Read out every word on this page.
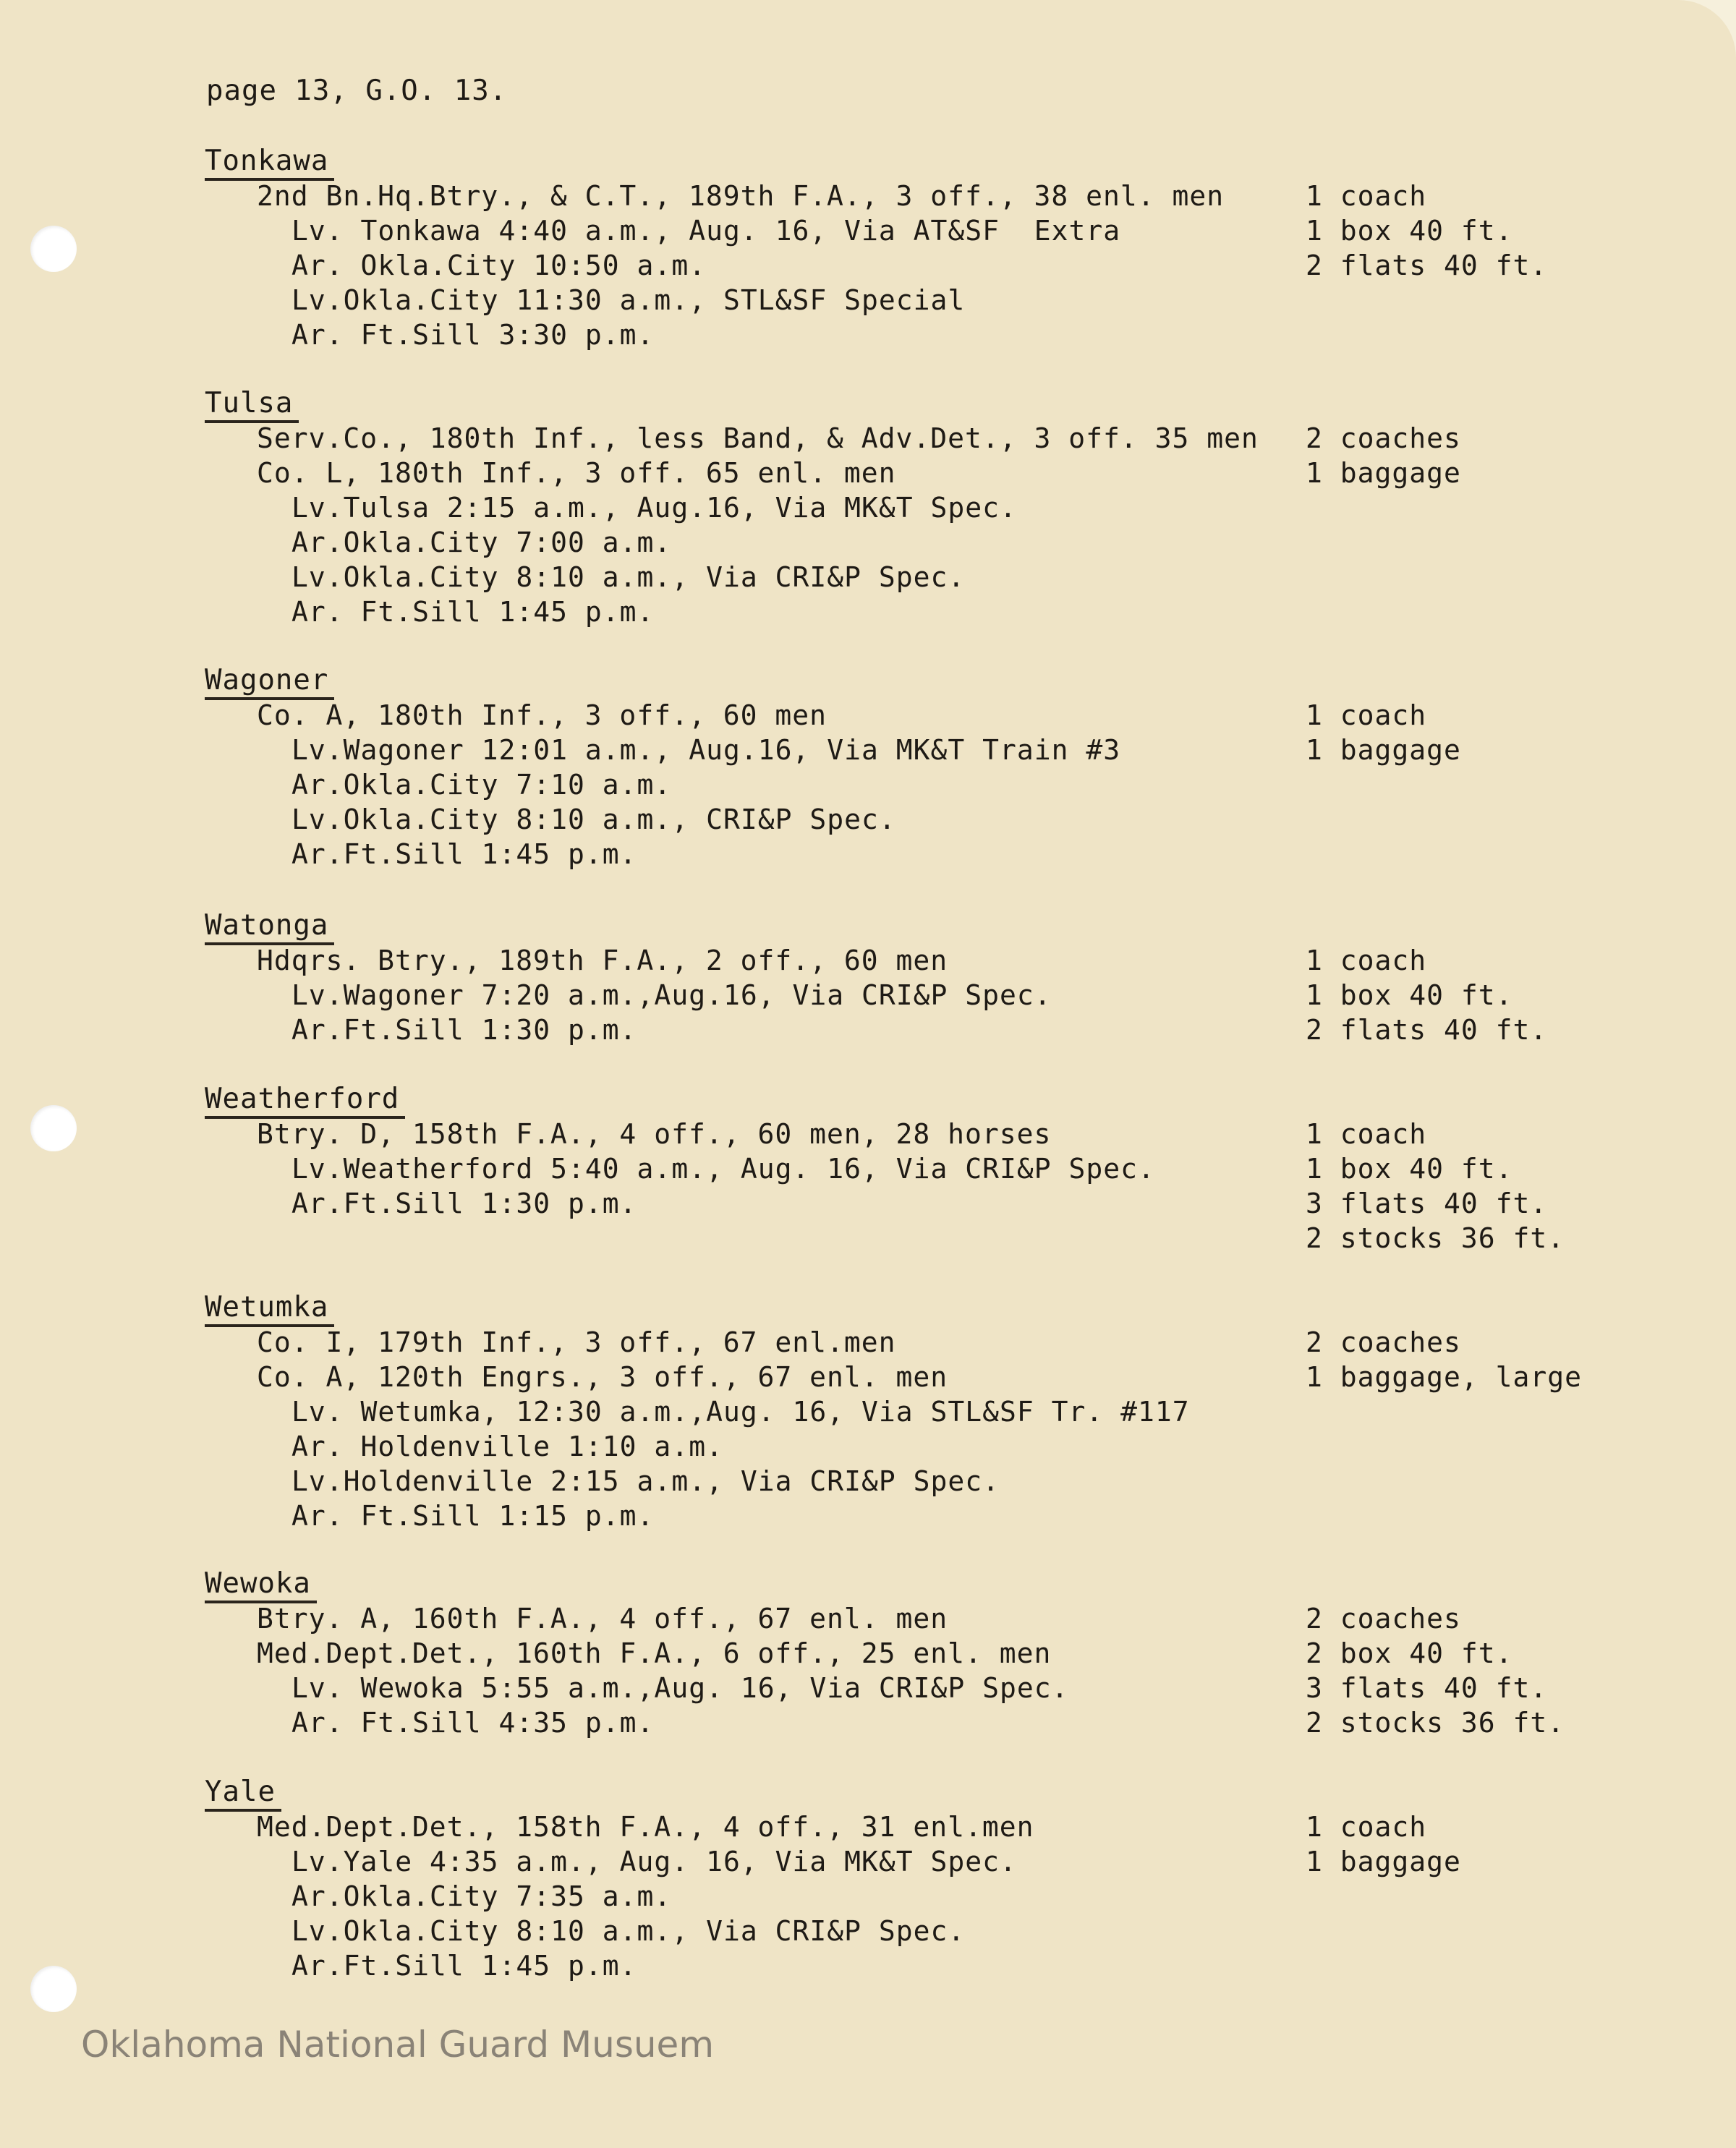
page 13, G.O. 13.
Tonkawa
2nd Bn.Hq.Btry., & C.T., 189th F.A., 3 off., 38 enl. men
Lv. Tonkawa 4:40 a.m., Aug. 16, Via AT&SF  Extra
Ar. Okla.City 10:50 a.m.
Lv.Okla.City 11:30 a.m., STL&SF Special
Ar. Ft.Sill 3:30 p.m.
1 coach
1 box 40 ft.
2 flats 40 ft.
Tulsa
Serv.Co., 180th Inf., less Band, & Adv.Det., 3 off. 35 men
Co. L, 180th Inf., 3 off. 65 enl. men
Lv.Tulsa 2:15 a.m., Aug.16, Via MK&T Spec.
Ar.Okla.City 7:00 a.m.
Lv.Okla.City 8:10 a.m., Via CRI&P Spec.
Ar. Ft.Sill 1:45 p.m.
2 coaches
1 baggage
Wagoner
Co. A, 180th Inf., 3 off., 60 men
Lv.Wagoner 12:01 a.m., Aug.16, Via MK&T Train #3
Ar.Okla.City 7:10 a.m.
Lv.Okla.City 8:10 a.m., CRI&P Spec.
Ar.Ft.Sill 1:45 p.m.
1 coach
1 baggage
Watonga
Hdqrs. Btry., 189th F.A., 2 off., 60 men
Lv.Wagoner 7:20 a.m.,Aug.16, Via CRI&P Spec.
Ar.Ft.Sill 1:30 p.m.
1 coach
1 box 40 ft.
2 flats 40 ft.
Weatherford
Btry. D, 158th F.A., 4 off., 60 men, 28 horses
Lv.Weatherford 5:40 a.m., Aug. 16, Via CRI&P Spec.
Ar.Ft.Sill 1:30 p.m.
1 coach
1 box 40 ft.
3 flats 40 ft.
2 stocks 36 ft.
Wetumka
Co. I, 179th Inf., 3 off., 67 enl.men
Co. A, 120th Engrs., 3 off., 67 enl. men
Lv. Wetumka, 12:30 a.m.,Aug. 16, Via STL&SF Tr. #117
Ar. Holdenville 1:10 a.m.
Lv.Holdenville 2:15 a.m., Via CRI&P Spec.
Ar. Ft.Sill 1:15 p.m.
2 coaches
1 baggage, large
Wewoka
Btry. A, 160th F.A., 4 off., 67 enl. men
Med.Dept.Det., 160th F.A., 6 off., 25 enl. men
Lv. Wewoka 5:55 a.m.,Aug. 16, Via CRI&P Spec.
Ar. Ft.Sill 4:35 p.m.
2 coaches
2 box 40 ft.
3 flats 40 ft.
2 stocks 36 ft.
Yale
Med.Dept.Det., 158th F.A., 4 off., 31 enl.men
Lv.Yale 4:35 a.m., Aug. 16, Via MK&T Spec.
Ar.Okla.City 7:35 a.m.
Lv.Okla.City 8:10 a.m., Via CRI&P Spec.
Ar.Ft.Sill 1:45 p.m.
1 coach
1 baggage
Oklahoma National Guard Musuem
